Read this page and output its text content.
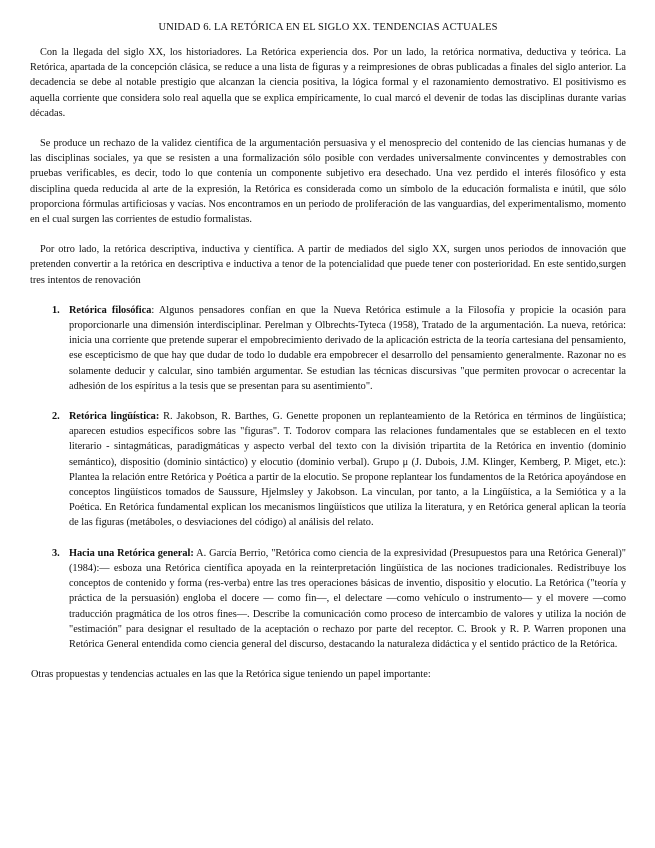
UNIDAD 6. LA RETÓRICA EN EL SIGLO XX. TENDENCIAS ACTUALES

Con la llegada del siglo XX, los historiadores. La Retórica experiencia dos. Por un lado, la retórica normativa, deductiva y teórica. La Retórica, apartada de la concepción clásica, se reduce a una lista de figuras y a reimpresiones de obras publicadas a finales del siglo anterior. La decadencia se debe al notable prestigio que alcanzan la ciencia positiva, la lógica formal y el razonamiento demostrativo. El positivismo es aquella corriente que considera solo real aquella que se explica empíricamente, lo cual marcó el devenir de todas las disciplinas durante varias décadas.

Se produce un rechazo de la validez científica de la argumentación persuasiva y el menosprecio del contenido de las ciencias humanas y de las disciplinas sociales, ya que se resisten a una formalización sólo posible con verdades universalmente convincentes y demostrables con pruebas verificables, es decir, todo lo que contenía un componente subjetivo era desechado. Una vez perdido el interés filosófico y esta disciplina queda reducida al arte de la expresión, la Retórica es considerada como un símbolo de la educación formalista e inútil, que sólo proporciona fórmulas artificiosas y vacías. Nos encontramos en un periodo de proliferación de las vanguardias, del experimentalismo, momento en el cual surgen las corrientes de estudio formalistas.

Por otro lado, la retórica descriptiva, inductiva y científica. A partir de mediados del siglo XX, surgen unos periodos de innovación que pretenden convertir a la retórica en descriptiva e inductiva a tenor de la potencialidad que puede tener con posterioridad. En este sentido,surgen tres intentos de renovación

1. Retórica filosófica: Algunos pensadores confían en que la Nueva Retórica estimule a la Filosofía y propicie la ocasión para proporcionarle una dimensión interdisciplinar. Perelman y Olbrechts-Tyteca (1958), Tratado de la argumentación. La nueva, retórica: inicia una corriente que pretende superar el empobrecimiento derivado de la aplicación estricta de la teoría cartesiana del pensamiento, ese escepticismo de que hay que dudar de todo lo dudable era empobrecer el desarrollo del pensamiento generalmente. Razonar no es solamente deducir y calcular, sino también argumentar. Se estudian las técnicas discursivas "que permiten provocar o acrecentar la adhesión de los espíritus a la tesis que se presentan para su asentimiento".
2. Retórica lingüística: R. Jakobson, R. Barthes, G. Genette proponen un replanteamiento de la Retórica en términos de lingüística; aparecen estudios específicos sobre las "figuras". T. Todorov compara las relaciones fundamentales que se establecen en el texto literario - sintagmáticas, paradigmáticas y aspecto verbal del texto con la división tripartita de la Retórica en inventio (dominio semántico), dispositio (dominio sintáctico) y elocutio (dominio verbal). Grupo μ (J. Dubois, J.M. Klinger, Kemberg, P. Miget, etc.): Plantea la relación entre Retórica y Poética a partir de la elocutio. Se propone replantear los fundamentos de la Retórica apoyándose en conceptos lingüísticos tomados de Saussure, Hjelmsley y Jakobson. La vinculan, por tanto, a la Lingüística, a la Semiótica y a la Poética. En Retórica fundamental explican los mecanismos lingüísticos que utiliza la literatura, y en Retórica general aplican la teoría de las figuras (metáboles, o desviaciones del código) al análisis del relato.
3. Hacia una Retórica general: A. García Berrio, "Retórica como ciencia de la expresividad (Presupuestos para una Retórica General)" (1984):— esboza una Retórica científica apoyada en la reinterpretación lingüística de las nociones tradicionales. Redistribuye los conceptos de contenido y forma (res-verba) entre las tres operaciones básicas de inventio, dispositio y elocutio. La Retórica ("teoría y práctica de la persuasión) engloba el docere — como fin—, el delectare —como vehículo o instrumento— y el movere —como traducción pragmática de los otros fines—. Describe la comunicación como proceso de intercambio de valores y utiliza la noción de "estimación" para designar el resultado de la aceptación o rechazo por parte del receptor. C. Brook y R. P. Warren proponen una Retórica General entendida como ciencia general del discurso, destacando la naturaleza didáctica y el sentido práctico de la Retórica.

Otras propuestas y tendencias actuales en las que la Retórica sigue teniendo un papel importante:
